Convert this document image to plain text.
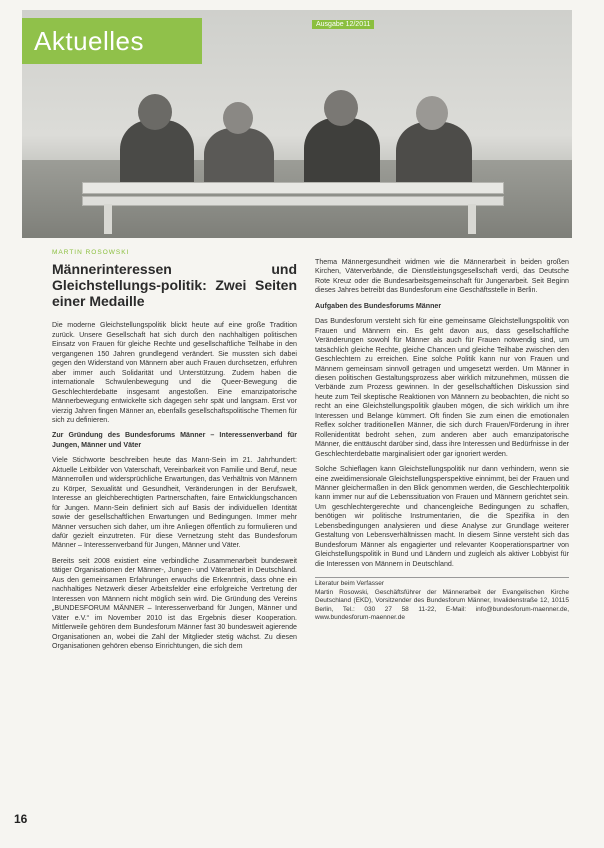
Aktuelles
Ausgabe 12/2011
MARTIN ROSOWSKI
Männerinteressen und Gleichstellungs-politik: Zwei Seiten einer Medaille

Die moderne Gleichstellungspolitik blickt heute auf eine große Tradition zurück. Unsere Gesellschaft hat sich durch den nachhaltigen politischen Einsatz von Frauen für gleiche Rechte und gesellschaftliche Teilhabe in den vergangenen 150 Jahren grundlegend verändert. Sie mussten sich dabei gegen den Widerstand von Männern aber auch Frauen durchsetzen, erfuhren aber immer auch Solidarität und Unterstützung. Zudem haben die internationale Schwulenbewegung und die Queer-Bewegung die Geschlechterdebatte insgesamt angestoßen. Eine emanzipatorische Männerbewegung entwickelte sich dagegen sehr spät und langsam. Erst vor vierzig Jahren fingen Männer an, ebenfalls gesellschaftspolitische Themen für sich zu definieren.

Zur Gründung des Bundesforums Männer – Interessenverband für Jungen, Männer und Väter

Viele Stichworte beschreiben heute das Mann-Sein im 21. Jahrhundert: Aktuelle Leitbilder von Vaterschaft, Vereinbarkeit von Familie und Beruf, neue Männerrollen und widersprüchliche Erwartungen, das Verhältnis von Männern zu Körper, Sexualität und Gesundheit, Veränderungen in der Berufswelt, Interesse an gleichberechtigten Partnerschaften, faire Entwicklungschancen für Jungen. Mann-Sein definiert sich auf Basis der individuellen Identität sowie der gesellschaftlichen Erwartungen und Bedingungen. Immer mehr Männer versuchen sich daher, um ihre Anliegen öffentlich zu formulieren und dafür gezielt einzutreten. Für diese Vernetzung steht das Bundesforum Männer – Interessenverband für Jungen, Männer und Väter.

Bereits seit 2008 existiert eine verbindliche Zusammenarbeit bundesweit tätiger Organisationen der Männer-, Jungen- und Väterarbeit in Deutschland. Aus den gemeinsamen Erfahrungen erwuchs die Erkenntnis, dass ohne ein nachhaltiges Netzwerk dieser Arbeitsfelder eine erfolgreiche Vertretung der Interessen von Männern nicht möglich sein wird. Die Gründung des Vereins „BUNDESFORUM MÄNNER – Interessenverband für Jungen, Männer und Väter e.V.“ im November 2010 ist das Ergebnis dieser Kooperation. Mittlerweile gehören dem Bundesforum Männer fast 30 bundesweit agierende Organisationen an, wobei die Zahl der Mitglieder stetig wächst. Zu diesen Organisationen gehören ebenso Einrichtungen, die sich dem

Thema Männergesundheit widmen wie die Männerarbeit in beiden großen Kirchen, Väterverbände, die Dienstleistungsgesellschaft verdi, das Deutsche Rote Kreuz oder die Bundesarbeitsgemeinschaft für Jungenarbeit. Seit Beginn dieses Jahres betreibt das Bundesforum eine Geschäftsstelle in Berlin.

Aufgaben des Bundesforums Männer

Das Bundesforum versteht sich für eine gemeinsame Gleichstellungspolitik von Frauen und Männern ein. Es geht davon aus, dass gesellschaftliche Veränderungen sowohl für Männer als auch für Frauen notwendig sind, um tatsächlich gleiche Rechte, gleiche Chancen und gleiche Teilhabe zwischen den Geschlechtern zu erreichen. Eine solche Politik kann nur von Frauen und Männern gemeinsam sinnvoll getragen und umgesetzt werden. Um Männer in diesen politischen Gestaltungsprozess aber wirklich mitzunehmen, müssen die Verbände zum Prozess gewinnen. In der gesellschaftlichen Diskussion sind heute zum Teil skeptische Reaktionen von Männern zu beobachten, die nicht so recht an eine Gleichstellungspolitik glauben mögen, die sich wirklich um ihre Interessen und Belange kümmert. Oft finden Sie zum einen die emotionalen Reflex solcher traditionellen Männer, die sich durch Frauen/Förderung in ihrer Rollenidentität bedroht sehen, zum anderen aber auch emanzipatorische Männer, die enttäuscht darüber sind, dass ihre Interessen und Bedürfnisse in der Geschlechterdebatte marginalisiert oder gar ignoriert werden.

Solche Schieflagen kann Gleichstellungspolitik nur dann verhindern, wenn sie eine zweidimensionale Gleichstellungsperspektive einnimmt, bei der Frauen und Männer gleichermaßen in den Blick genommen werden, die Geschlechterpolitik kann immer nur auf die Lebenssituation von Frauen und Männern gerichtet sein. Um geschlechtergerechte und chancengleiche Bedingungen zu schaffen, benötigen wir politische Instrumentarien, die die Spezifika in den Lebensbedingungen analysieren und diese Analyse zur Grundlage weiterer Gestaltung von Lebensverhältnissen macht. In diesem Sinne versteht sich das Bundesforum Männer als engagierter und relevanter Kooperationspartner von Gleichstellungspolitik in Bund und Ländern und zugleich als aktiver Lobbyist für die Interessen von Männern in Deutschland.

Literatur beim Verfasser
Martin Rosowski, Geschäftsführer der Männerarbeit der Evangelischen Kirche Deutschland (EKD), Vorsitzender des Bundesforum Männer, Invalidenstraße 12, 10115 Berlin, Tel.: 030 27 58 11-22, E-Mail: info@bundesforum-maenner.de, www.bundesforum-maenner.de
16
